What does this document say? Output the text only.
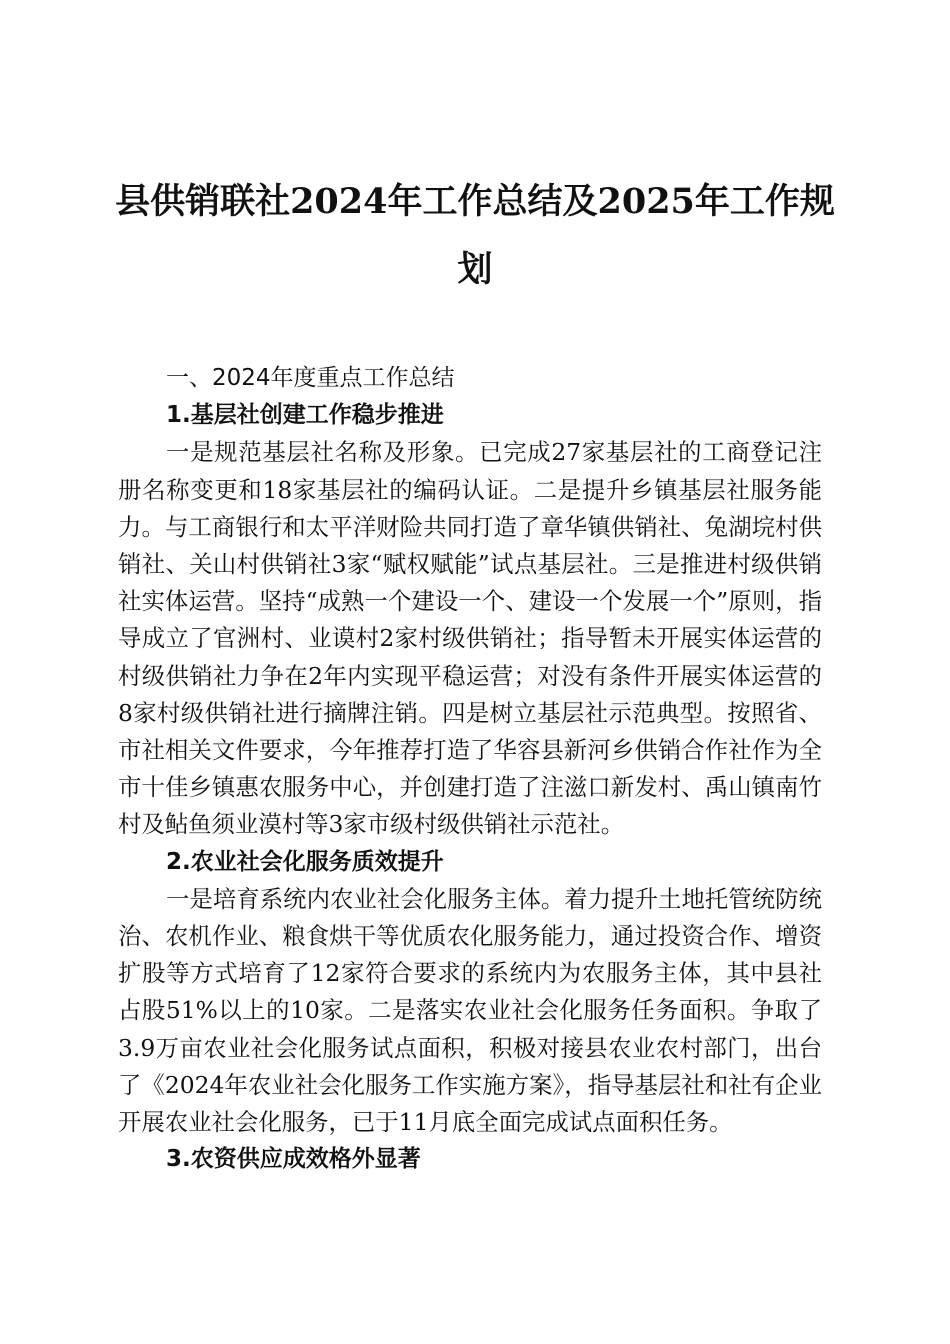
县供销联社2024年工作总结及2025年工作规划

一、2024年度重点工作总结

1.基层社创建工作稳步推进

一是规范基层社名称及形象。已完成27家基层社的工商登记注册名称变更和18家基层社的编码认证。二是提升乡镇基层社服务能力。与工商银行和太平洋财险共同打造了章华镇供销社、兔湖垸村供销社、关山村供销社3家“赋权赋能”试点基层社。三是推进村级供销社实体运营。坚持“成熟一个建设一个、建设一个发展一个”原则，指导成立了官洲村、业谟村2家村级供销社；指导暂未开展实体运营的村级供销社力争在2年内实现平稳运营；对没有条件开展实体运营的8家村级供销社进行摘牌注销。四是树立基层社示范典型。按照省、市社相关文件要求，今年推荐打造了华容县新河乡供销合作社作为全市十佳乡镇惠农服务中心，并创建打造了注滋口新发村、禹山镇南竹村及鲇鱼须业漠村等3家市级村级供销社示范社。

2.农业社会化服务质效提升

一是培育系统内农业社会化服务主体。着力提升土地托管统防统治、农机作业、粮食烘干等优质农化服务能力，通过投资合作、增资扩股等方式培育了12家符合要求的系统内为农服务主体，其中县社占股51%以上的10家。二是落实农业社会化服务任务面积。争取了3.9万亩农业社会化服务试点面积，积极对接县农业农村部门，出台了《2024年农业社会化服务工作实施方案》，指导基层社和社有企业开展农业社会化服务，已于11月底全面完成试点面积任务。

3.农资供应成效格外显著
